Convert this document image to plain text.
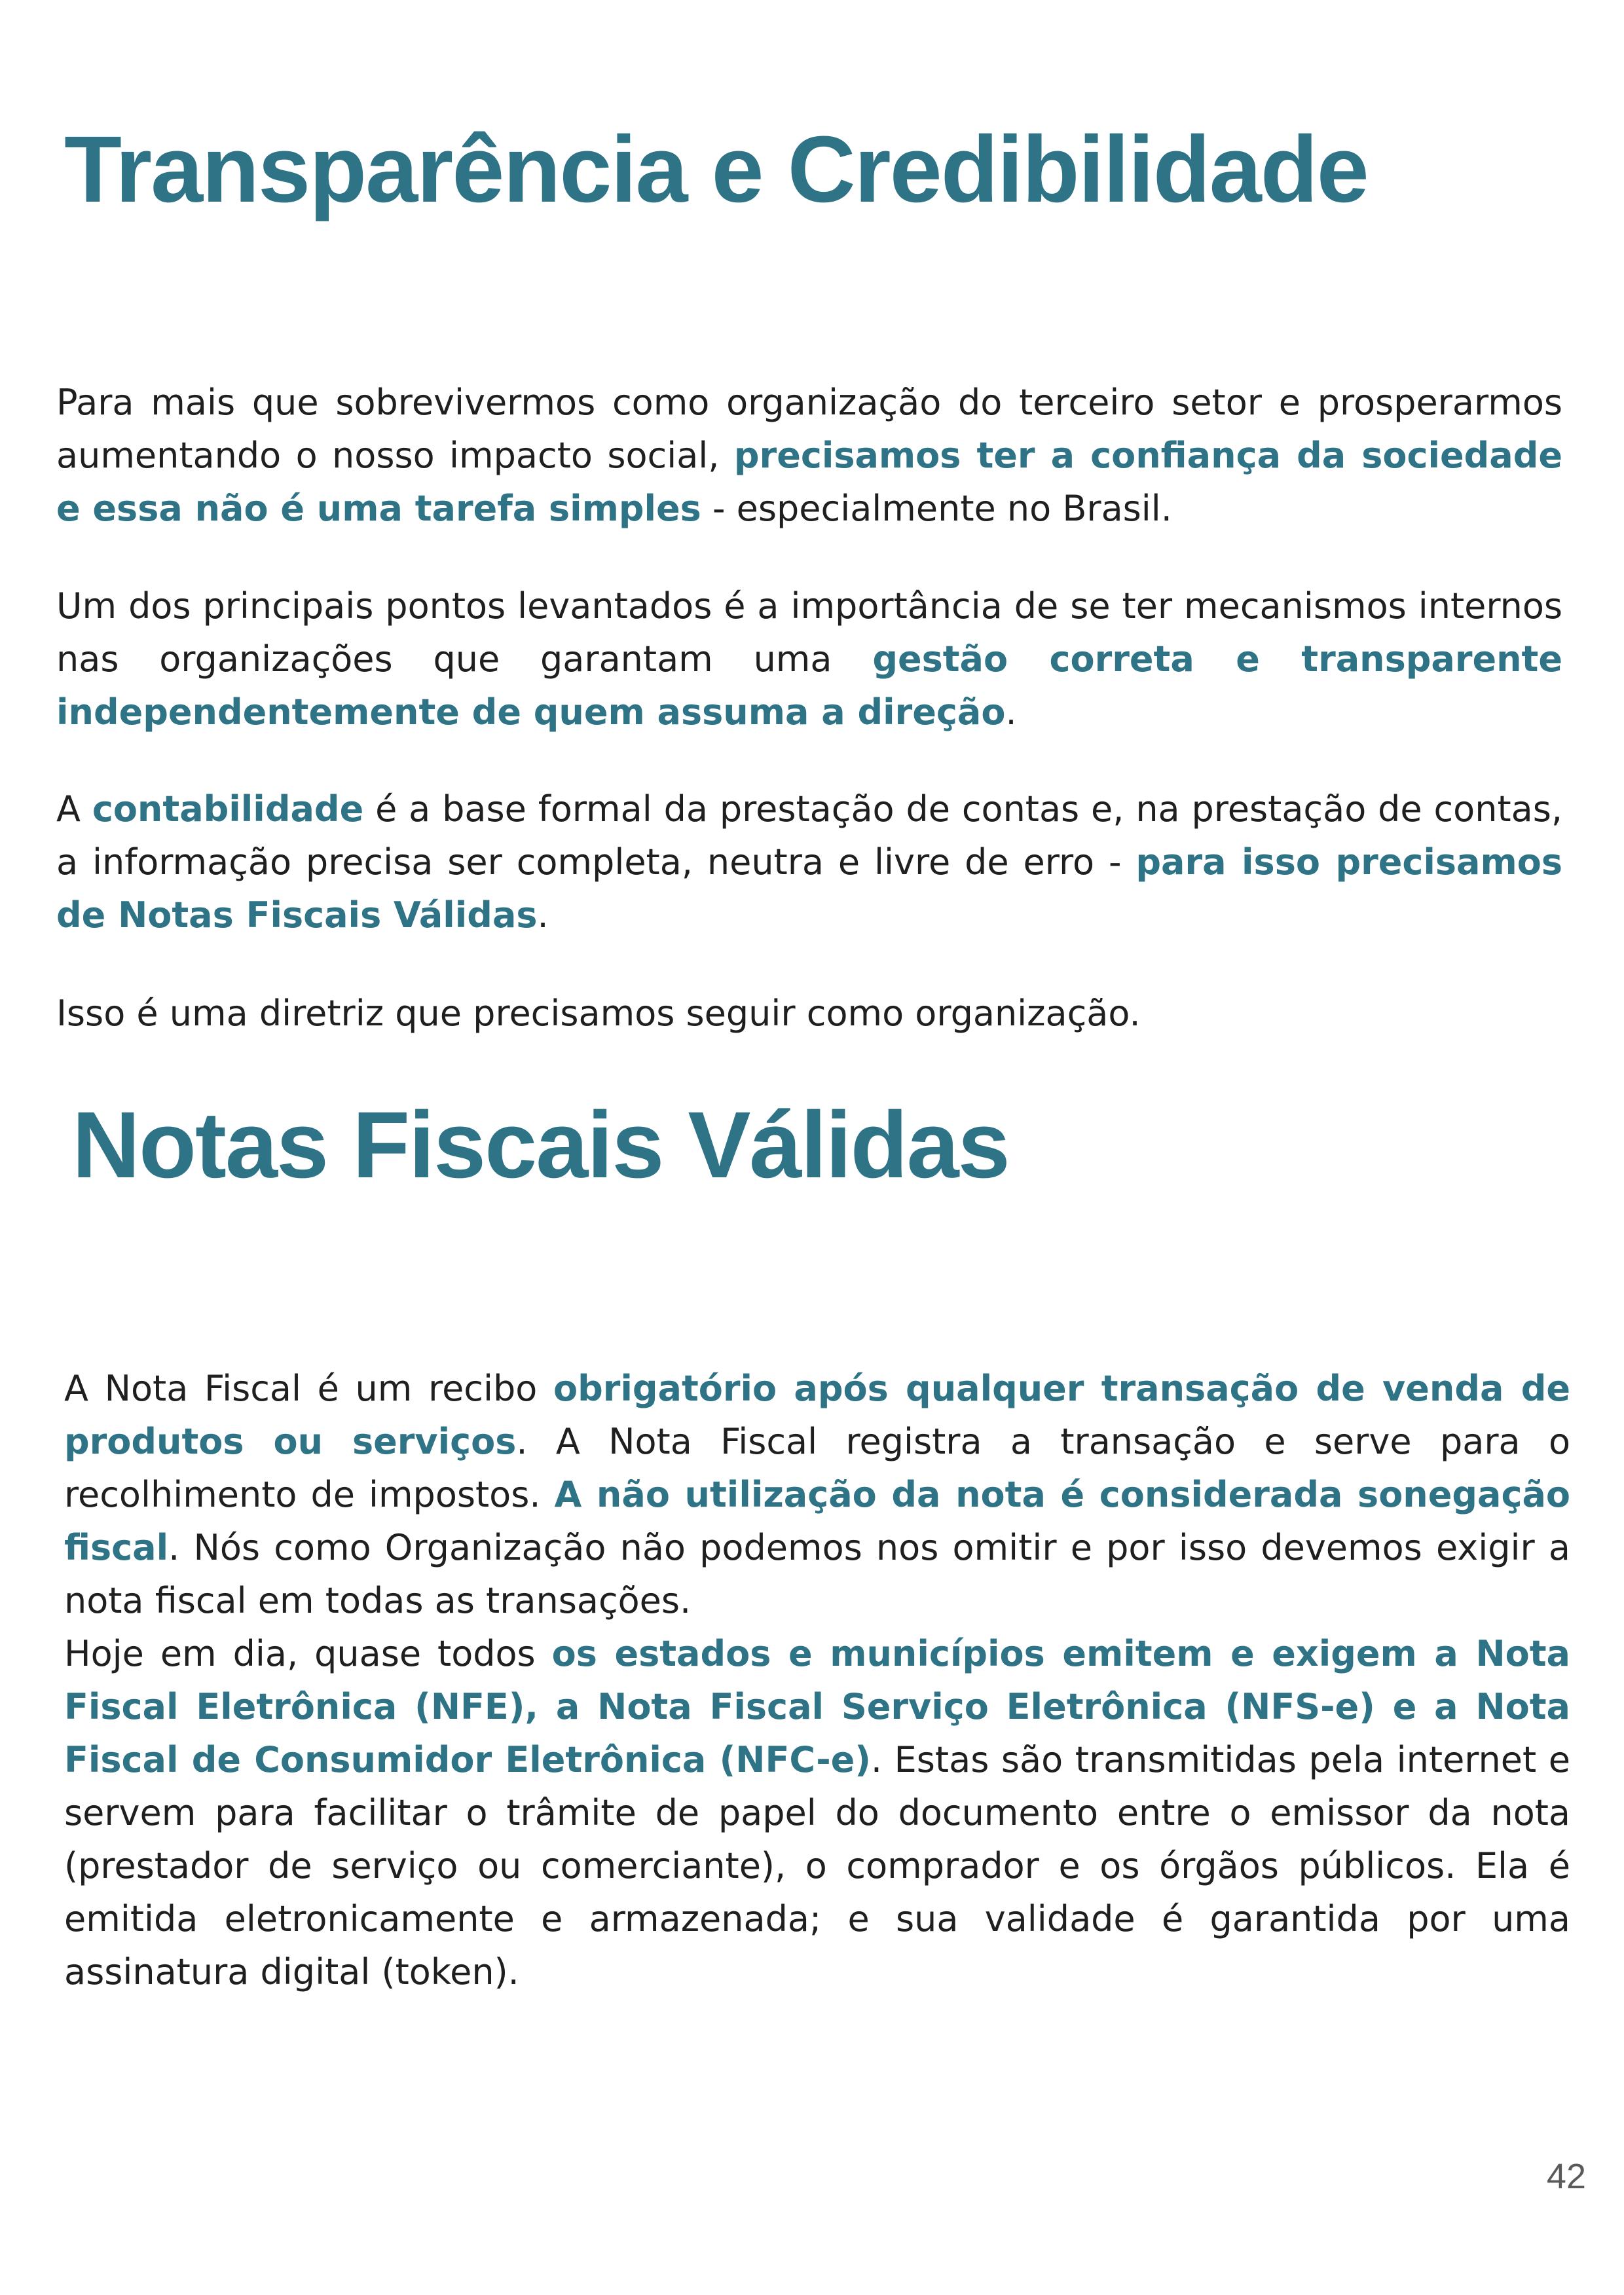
Transparência e Credibilidade

Para mais que sobrevivermos como organização do terceiro setor e prosperarmos aumentando o nosso impacto social, precisamos ter a confiança da sociedade e essa não é uma tarefa simples - especialmente no Brasil.

Um dos principais pontos levantados é a importância de se ter mecanismos internos nas organizações que garantam uma gestão correta e transparente independentemente de quem assuma a direção.

A contabilidade é a base formal da prestação de contas e, na prestação de contas, a informação precisa ser completa, neutra e livre de erro - para isso precisamos de Notas Fiscais Válidas.

Isso é uma diretriz que precisamos seguir como organização.

Notas Fiscais Válidas

A Nota Fiscal é um recibo obrigatório após qualquer transação de venda de produtos ou serviços. A Nota Fiscal registra a transação e serve para o recolhimento de impostos. A não utilização da nota é considerada sonegação fiscal. Nós como Organização não podemos nos omitir e por isso devemos exigir a nota fiscal em todas as transações.

Hoje em dia, quase todos os estados e municípios emitem e exigem a Nota Fiscal Eletrônica (NFE), a Nota Fiscal Serviço Eletrônica (NFS-e) e a Nota Fiscal de Consumidor Eletrônica (NFC-e). Estas são transmitidas pela internet e servem para facilitar o trâmite de papel do documento entre o emissor da nota (prestador de serviço ou comerciante), o comprador e os órgãos públicos. Ela é emitida eletronicamente e armazenada; e sua validade é garantida por uma assinatura digital (token).

42
